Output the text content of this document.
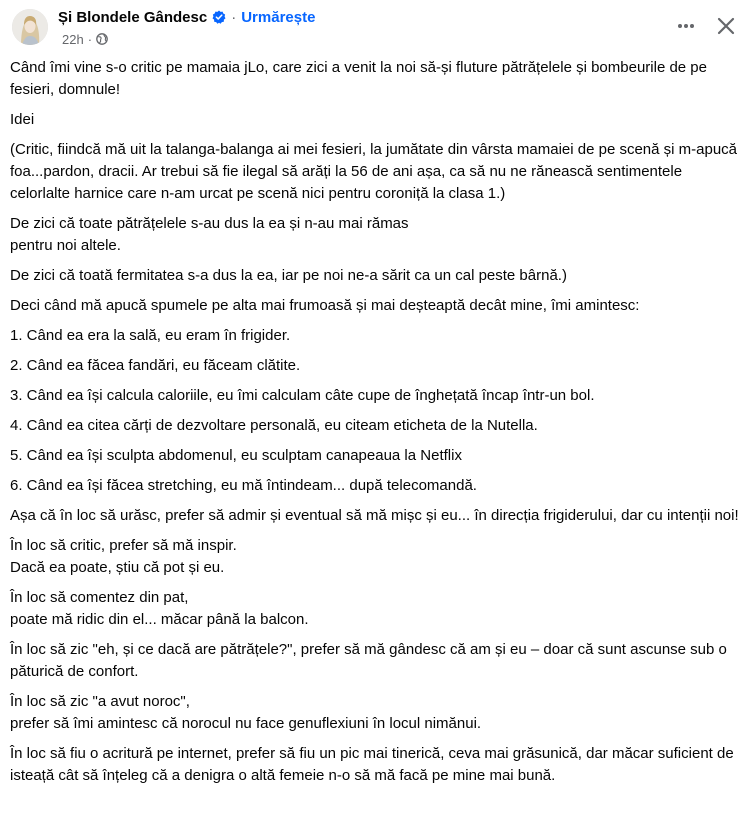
Și Blondele Gândesc · Urmărește
22h ·

Când îmi vine s-o critic pe mamaia jLo, care zici a venit la noi să-și fluture pătrățelele și bombeurile de pe fesieri, domnule!

Idei

(Critic, fiindcă mă uit la talanga-balanga ai mei fesieri, la jumătate din vârsta mamaiei de pe scenă și m-apucă foa...pardon, dracii. Ar trebui să fie ilegal să arăți la 56 de ani așa, ca să nu ne rănească sentimentele celorlalte harnice care n-am urcat pe scenă nici pentru coroniță la clasa 1.)

De zici că toate pătrățelele s-au dus la ea și n-au mai rămas
pentru noi altele.

De zici că toată fermitatea s-a dus la ea, iar pe noi ne-a sărit ca un cal peste bârnă.)

Deci când mă apucă spumele pe alta mai frumoasă și mai deșteaptă decât mine, îmi amintesc:

1. Când ea era la sală, eu eram în frigider.

2. Când ea făcea fandări, eu făceam clătite.

3. Când ea își calcula caloriile, eu îmi calculam câte cupe de înghețată încap într-un bol.

4. Când ea citea cărți de dezvoltare personală, eu citeam eticheta de la Nutella.

5. Când ea își sculpta abdomenul, eu sculptam canapeaua la Netflix

6. Când ea își făcea stretching, eu mă întindeam... după telecomandă.

Așa că în loc să urăsc, prefer să admir și eventual să mă mișc și eu... în direcția frigiderului, dar cu intenții noi!

În loc să critic, prefer să mă inspir.
Dacă ea poate, știu că pot și eu.

În loc să comentez din pat,
poate mă ridic din el... măcar până la balcon.

În loc să zic "eh, și ce dacă are pătrățele?", prefer să mă gândesc că am și eu – doar că sunt ascunse sub o păturică de confort.

În loc să zic "a avut noroc",
prefer să îmi amintesc că norocul nu face genuflexiuni în locul nimănui.

În loc să fiu o acritură pe internet, prefer să fiu un pic mai tinerică, ceva mai grăsunică, dar măcar suficient de isteață cât să înțeleg că a denigra o altă femeie n-o să mă facă pe mine mai bună.
